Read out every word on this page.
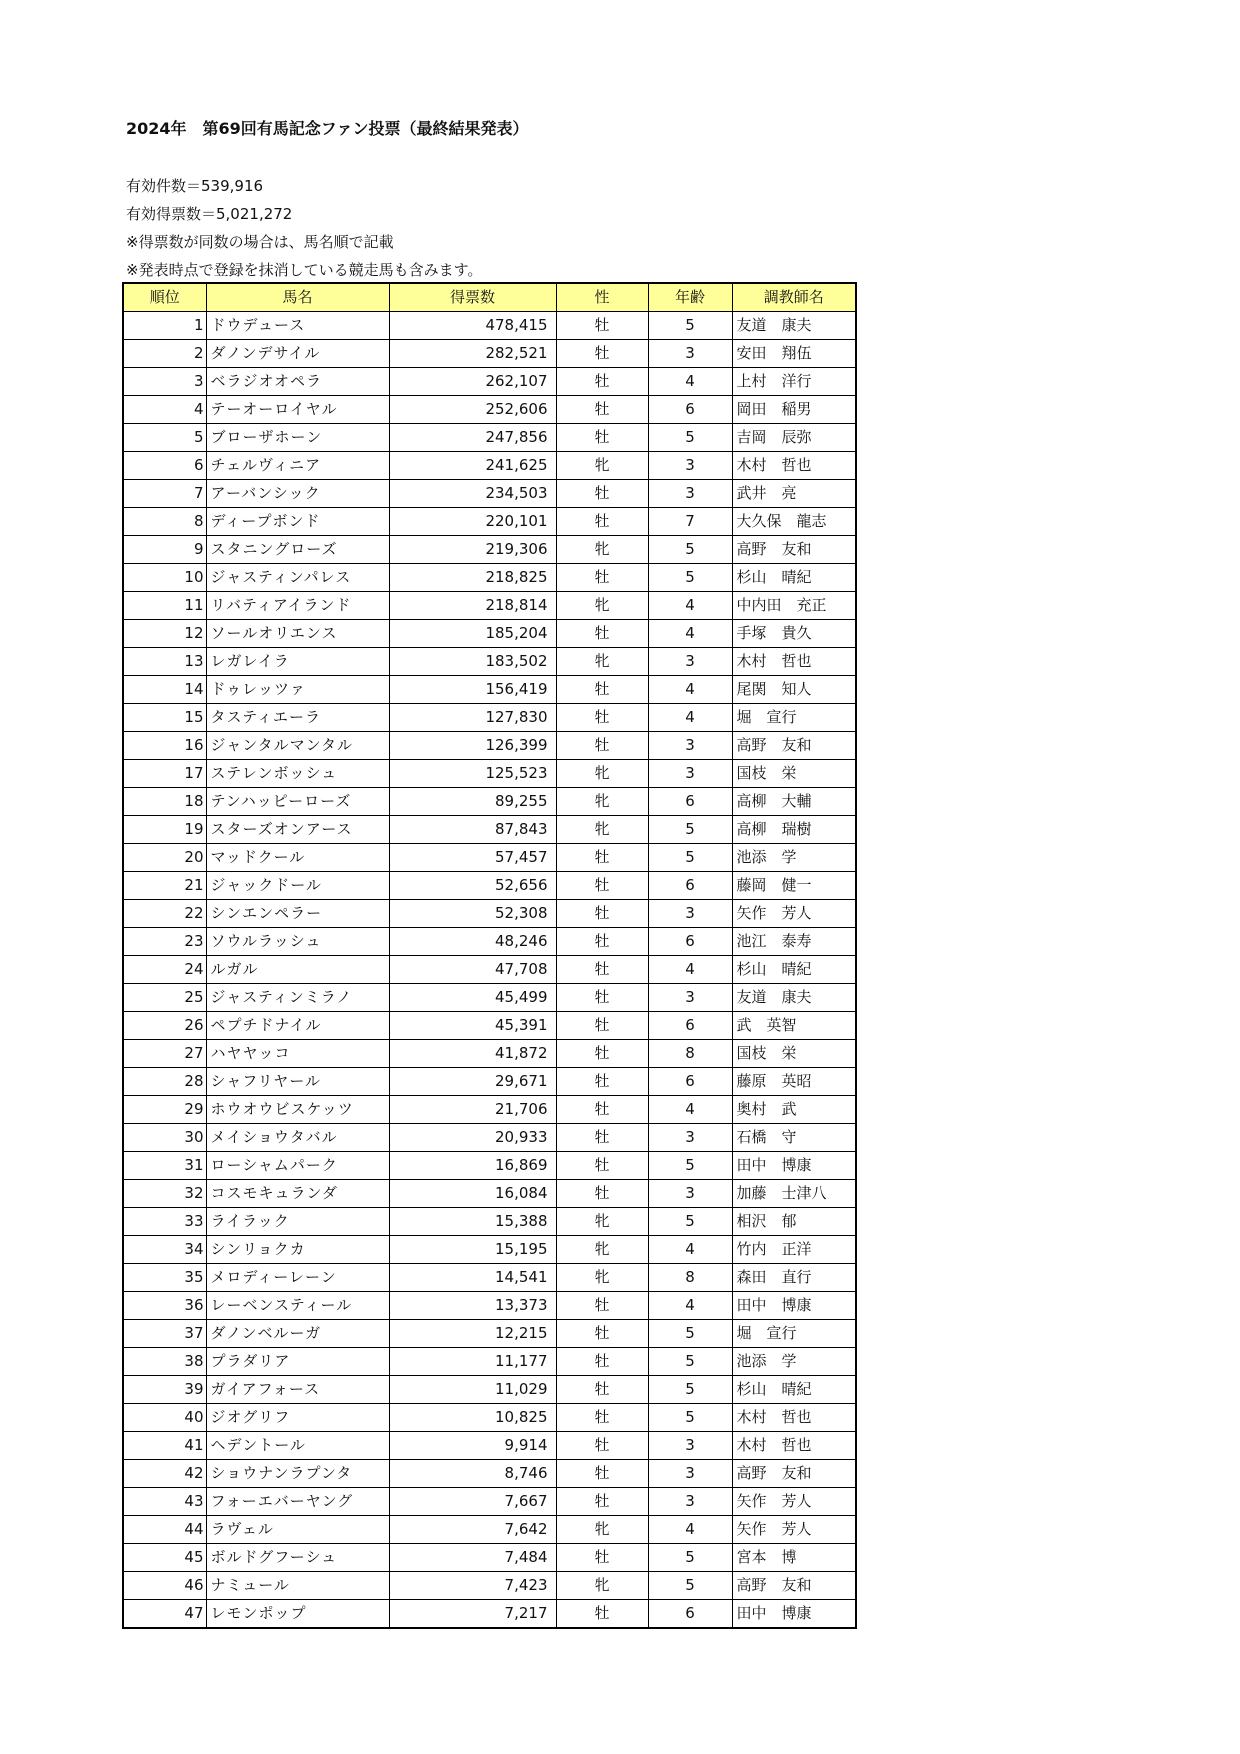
2024年　第69回有馬記念ファン投票（最終結果発表）
有効件数＝539,916
有効得票数＝5,021,272
※得票数が同数の場合は、馬名順で記載
※発表時点で登録を抹消している競走馬も含みます。
順位	馬名	得票数	性	年齢	調教師名
1	ドウデュース	478,415	牡	5	友道　康夫
2	ダノンデサイル	282,521	牡	3	安田　翔伍
3	ベラジオオペラ	262,107	牡	4	上村　洋行
4	テーオーロイヤル	252,606	牡	6	岡田　稲男
5	ブローザホーン	247,856	牡	5	吉岡　辰弥
6	チェルヴィニア	241,625	牝	3	木村　哲也
7	アーバンシック	234,503	牡	3	武井　亮
8	ディープボンド	220,101	牡	7	大久保　龍志
9	スタニングローズ	219,306	牝	5	高野　友和
10	ジャスティンパレス	218,825	牡	5	杉山　晴紀
11	リバティアイランド	218,814	牝	4	中内田　充正
12	ソールオリエンス	185,204	牡	4	手塚　貴久
13	レガレイラ	183,502	牝	3	木村　哲也
14	ドゥレッツァ	156,419	牡	4	尾関　知人
15	タスティエーラ	127,830	牡	4	堀　宣行
16	ジャンタルマンタル	126,399	牡	3	高野　友和
17	ステレンボッシュ	125,523	牝	3	国枝　栄
18	テンハッピーローズ	89,255	牝	6	高柳　大輔
19	スターズオンアース	87,843	牝	5	高柳　瑞樹
20	マッドクール	57,457	牡	5	池添　学
21	ジャックドール	52,656	牡	6	藤岡　健一
22	シンエンペラー	52,308	牡	3	矢作　芳人
23	ソウルラッシュ	48,246	牡	6	池江　泰寿
24	ルガル	47,708	牡	4	杉山　晴紀
25	ジャスティンミラノ	45,499	牡	3	友道　康夫
26	ペプチドナイル	45,391	牡	6	武　英智
27	ハヤヤッコ	41,872	牡	8	国枝　栄
28	シャフリヤール	29,671	牡	6	藤原　英昭
29	ホウオウビスケッツ	21,706	牡	4	奥村　武
30	メイショウタバル	20,933	牡	3	石橋　守
31	ローシャムパーク	16,869	牡	5	田中　博康
32	コスモキュランダ	16,084	牡	3	加藤　士津八
33	ライラック	15,388	牝	5	相沢　郁
34	シンリョクカ	15,195	牝	4	竹内　正洋
35	メロディーレーン	14,541	牝	8	森田　直行
36	レーベンスティール	13,373	牡	4	田中　博康
37	ダノンベルーガ	12,215	牡	5	堀　宣行
38	プラダリア	11,177	牡	5	池添　学
39	ガイアフォース	11,029	牡	5	杉山　晴紀
40	ジオグリフ	10,825	牡	5	木村　哲也
41	ヘデントール	9,914	牡	3	木村　哲也
42	ショウナンラプンタ	8,746	牡	3	高野　友和
43	フォーエバーヤング	7,667	牡	3	矢作　芳人
44	ラヴェル	7,642	牝	4	矢作　芳人
45	ボルドグフーシュ	7,484	牡	5	宮本　博
46	ナミュール	7,423	牝	5	高野　友和
47	レモンポップ	7,217	牡	6	田中　博康
